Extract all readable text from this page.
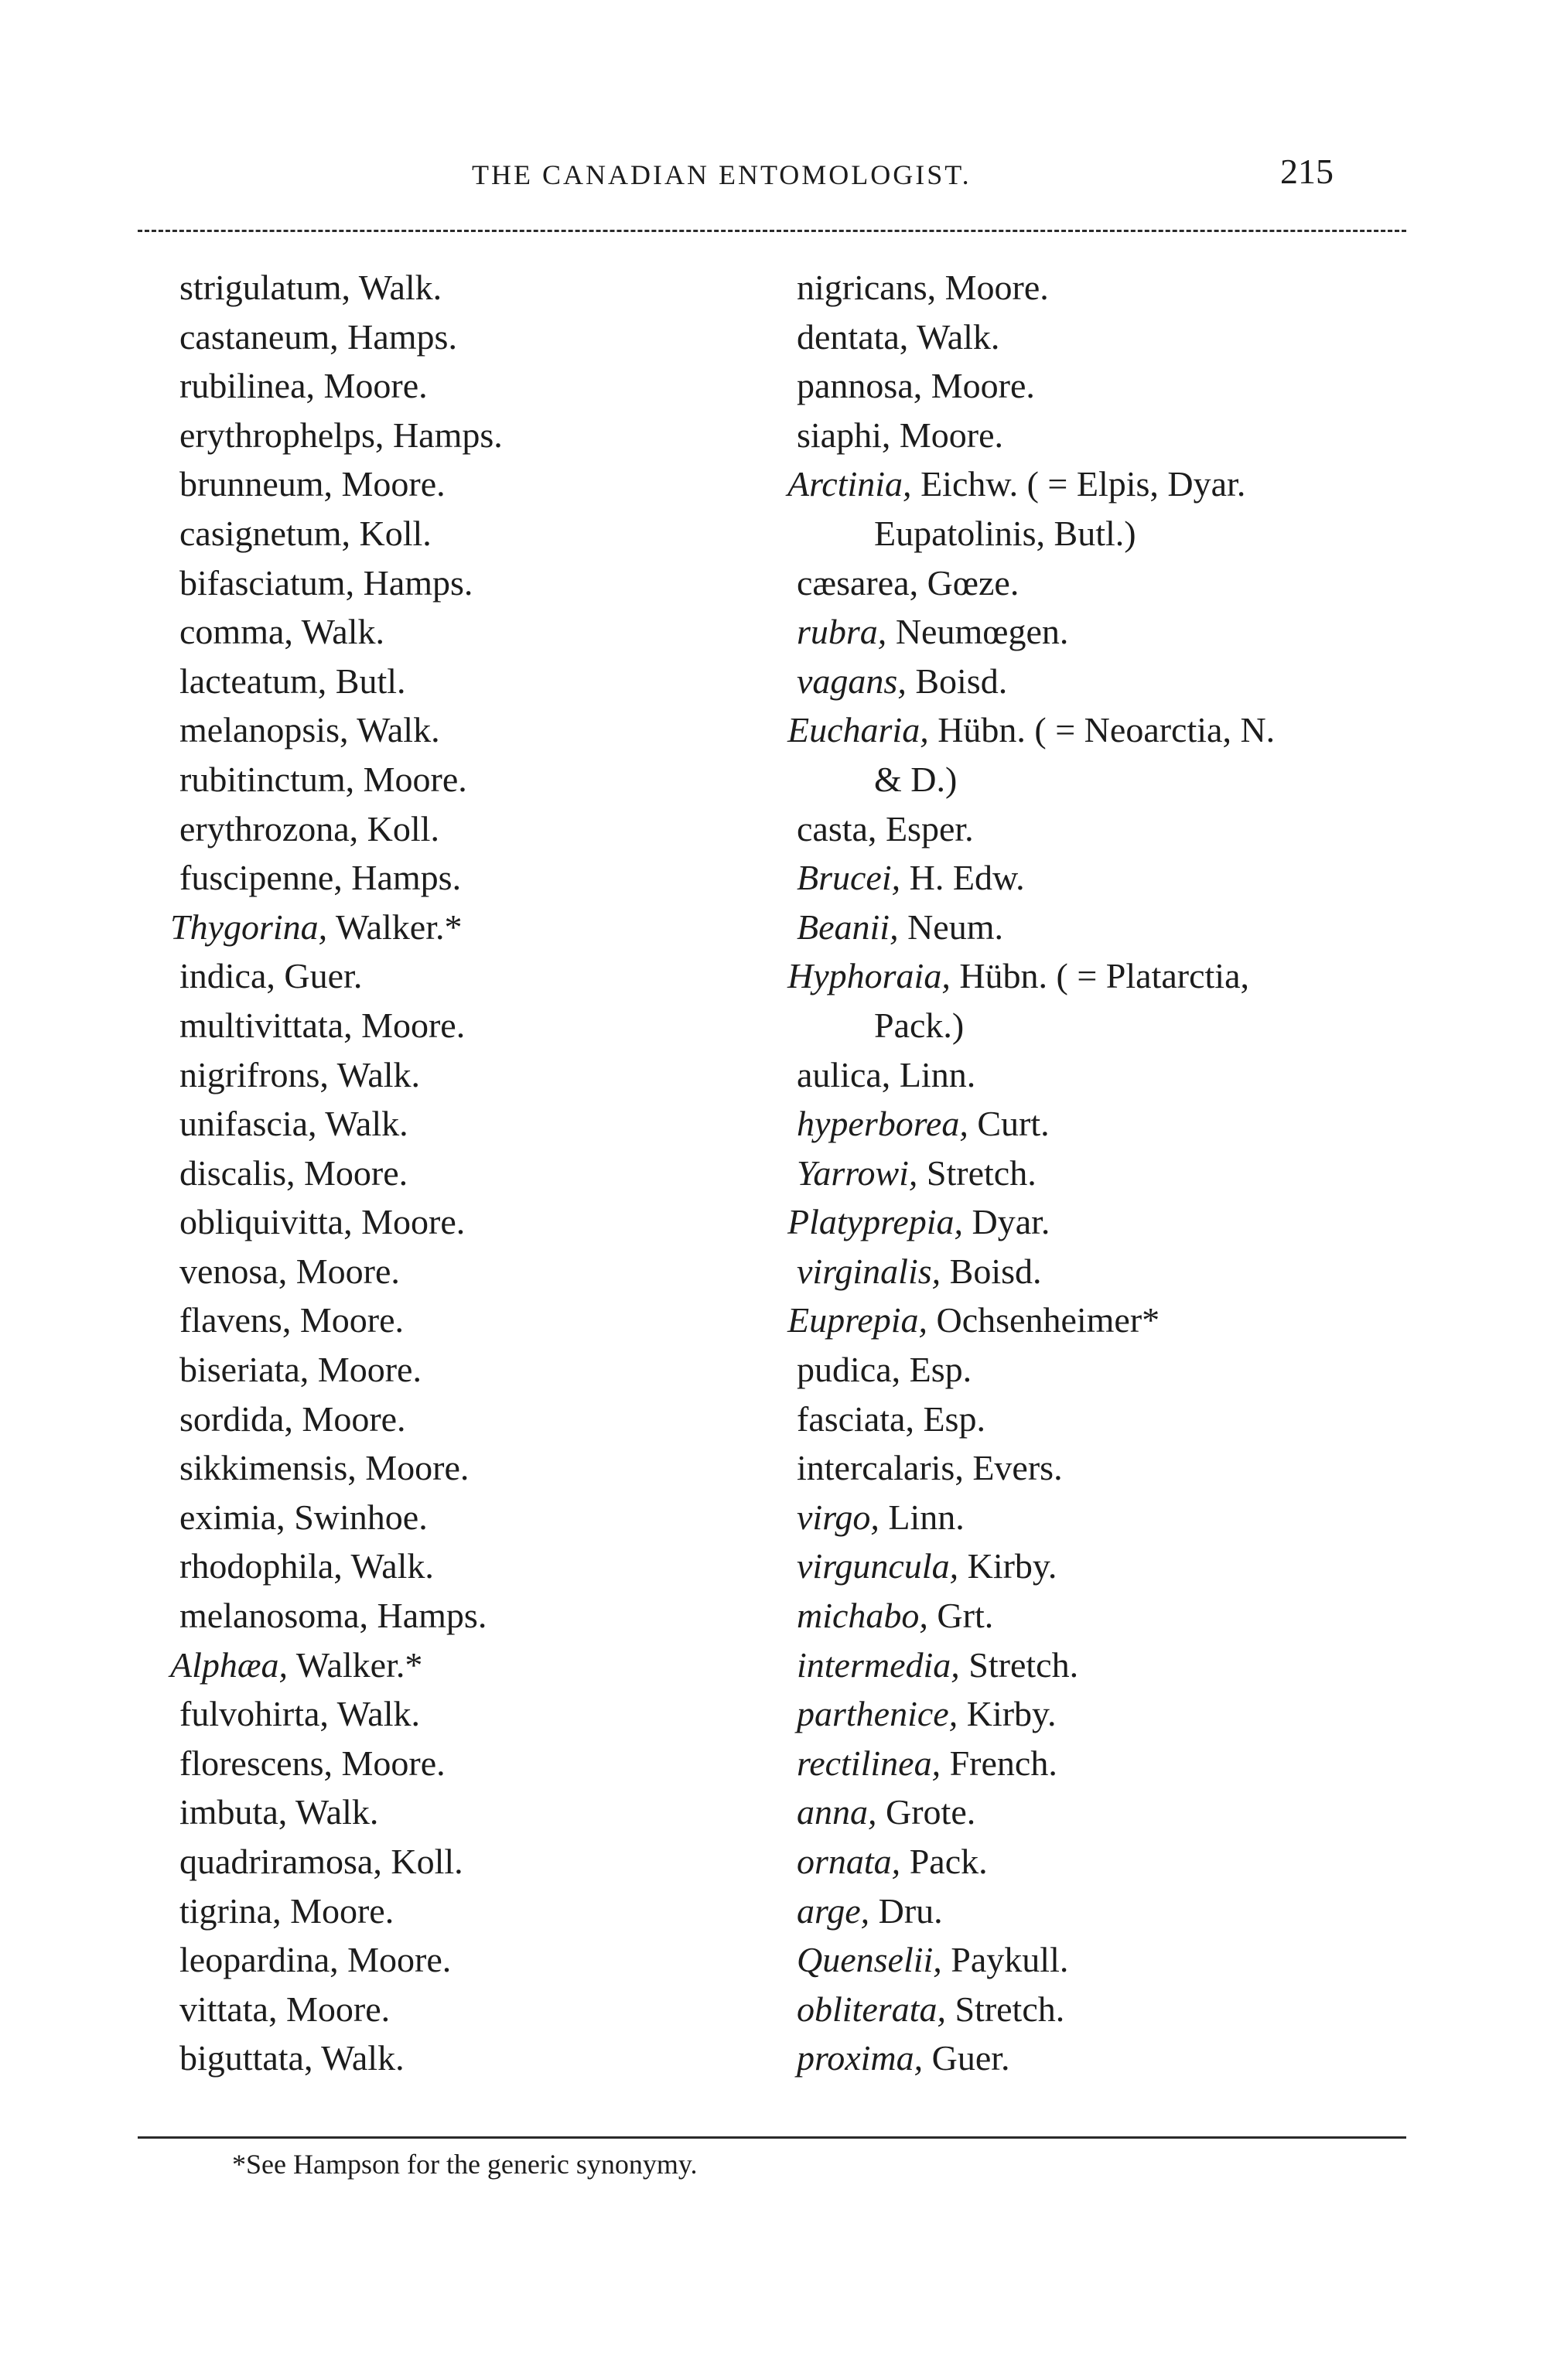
THE CANADIAN ENTOMOLOGIST.	215
strigulatum, Walk.
castaneum, Hamps.
rubilinea, Moore.
erythrophelps, Hamps.
brunneum, Moore.
casignetum, Koll.
bifasciatum, Hamps.
comma, Walk.
lacteatum, Butl.
melanopsis, Walk.
rubitinctum, Moore.
erythrozona, Koll.
fuscipenne, Hamps.
Thygorina, Walker.*
indica, Guer.
multivittata, Moore.
nigrifrons, Walk.
unifascia, Walk.
discalis, Moore.
obliquivitta, Moore.
venosa, Moore.
flavens, Moore.
biseriata, Moore.
sordida, Moore.
sikkimensis, Moore.
eximia, Swinhoe.
rhodophila, Walk.
melanosoma, Hamps.
Alphæa, Walker.*
fulvohirta, Walk.
florescens, Moore.
imbuta, Walk.
quadriramosa, Koll.
tigrina, Moore.
leopardina, Moore.
vittata, Moore.
biguttata, Walk.
nigricans, Moore.
dentata, Walk.
pannosa, Moore.
siaphi, Moore.
Arctinia, Eichw. ( = Elpis, Dyar.
Eupatolinis, Butl.)
cæsarea, Gœze.
rubra, Neumœgen.
vagans, Boisd.
Eucharia, Hübn. ( = Neoarctia, N.
& D.)
casta, Esper.
Brucei, H. Edw.
Beanii, Neum.
Hyphoraia, Hübn. ( = Platarctia,
Pack.)
aulica, Linn.
hyperborea, Curt.
Yarrowi, Stretch.
Platyprepia, Dyar.
virginalis, Boisd.
Euprepia, Ochsenheimer*
pudica, Esp.
fasciata, Esp.
intercalaris, Evers.
virgo, Linn.
virguncula, Kirby.
michabo, Grt.
intermedia, Stretch.
parthenice, Kirby.
rectilinea, French.
anna, Grote.
ornata, Pack.
arge, Dru.
Quenselii, Paykull.
obliterata, Stretch.
proxima, Guer.
*See Hampson for the generic synonymy.
